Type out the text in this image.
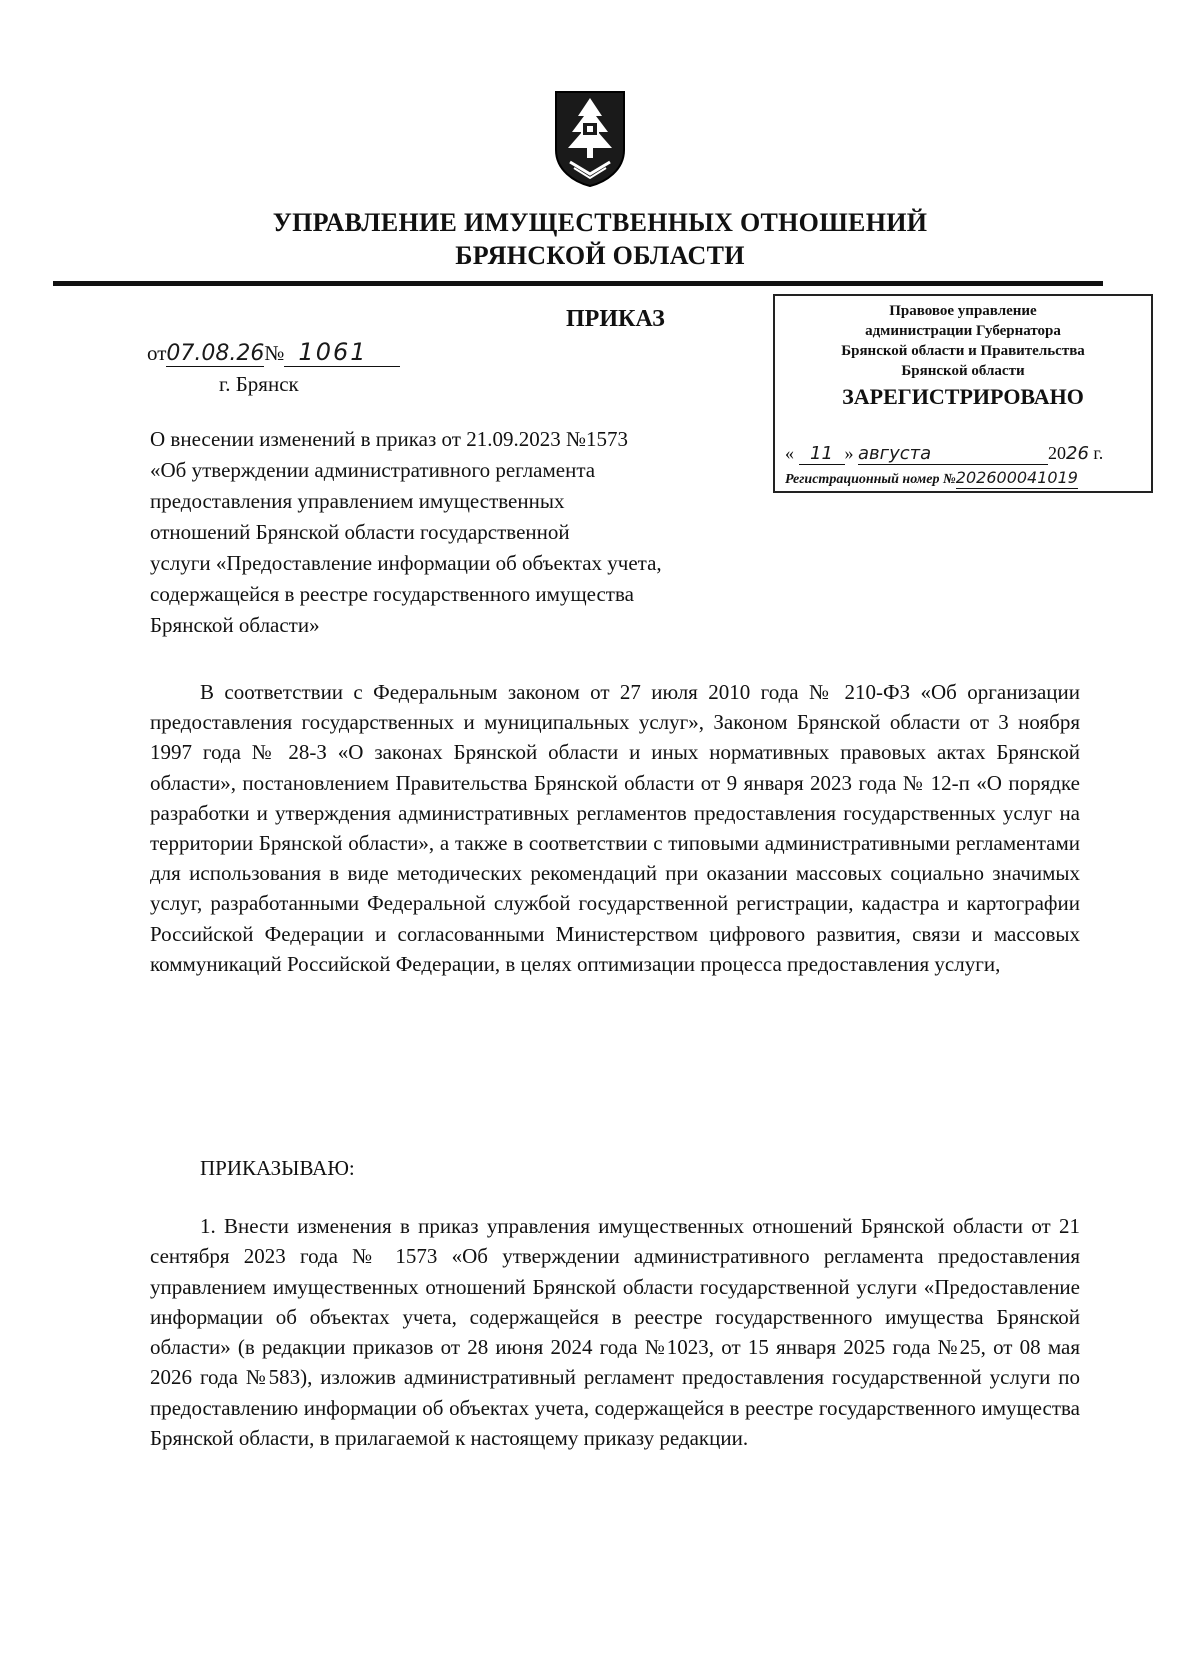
УПРАВЛЕНИЕ ИМУЩЕСТВЕННЫХ ОТНОШЕНИЙ
БРЯНСКОЙ ОБЛАСТИ
ПРИКАЗ
от07.08.26№ 1061
г. Брянск
Правовое управление
администрации Губернатора
Брянской области и Правительства
Брянской области
ЗАРЕГИСТРИРОВАНО
« 11 » августа	2026 г.
Регистрационный номер №202600041019
О внесении изменений в приказ от 21.09.2023 №1573
«Об утверждении административного регламента
предоставления управлением имущественных
отношений Брянской области государственной
услуги «Предоставление информации об объектах учета,
содержащейся в реестре государственного имущества
Брянской области»

В соответствии с Федеральным законом от 27 июля 2010 года № 210-ФЗ «Об организации предоставления государственных и муниципальных услуг», Законом Брянской области от 3 ноября 1997 года № 28-З «О законах Брянской области и иных нормативных правовых актах Брянской области», постановлением Правительства Брянской области от 9 января 2023 года № 12-п «О порядке разработки и утверждения административных регламентов предоставления государственных услуг на территории Брянской области», а также в соответствии с типовыми административными регламентами для использования в виде методических рекомендаций при оказании массовых социально значимых услуг, разработанными Федеральной службой государственной регистрации, кадастра и картографии Российской Федерации и согласованными Министерством цифрового развития, связи и массовых коммуникаций Российской Федерации, в целях оптимизации процесса предоставления услуги,

ПРИКАЗЫВАЮ:

1. Внести изменения в приказ управления имущественных отношений Брянской области от 21 сентября 2023 года № 1573 «Об утверждении административного регламента предоставления управлением имущественных отношений Брянской области государственной услуги «Предоставление информации об объектах учета, содержащейся в реестре государственного имущества Брянской области» (в редакции приказов от 28 июня 2024 года №1023, от 15 января 2025 года №25, от 08 мая 2026 года №583), изложив административный регламент предоставления государственной услуги по предоставлению информации об объектах учета, содержащейся в реестре государственного имущества Брянской области, в прилагаемой к настоящему приказу редакции.
